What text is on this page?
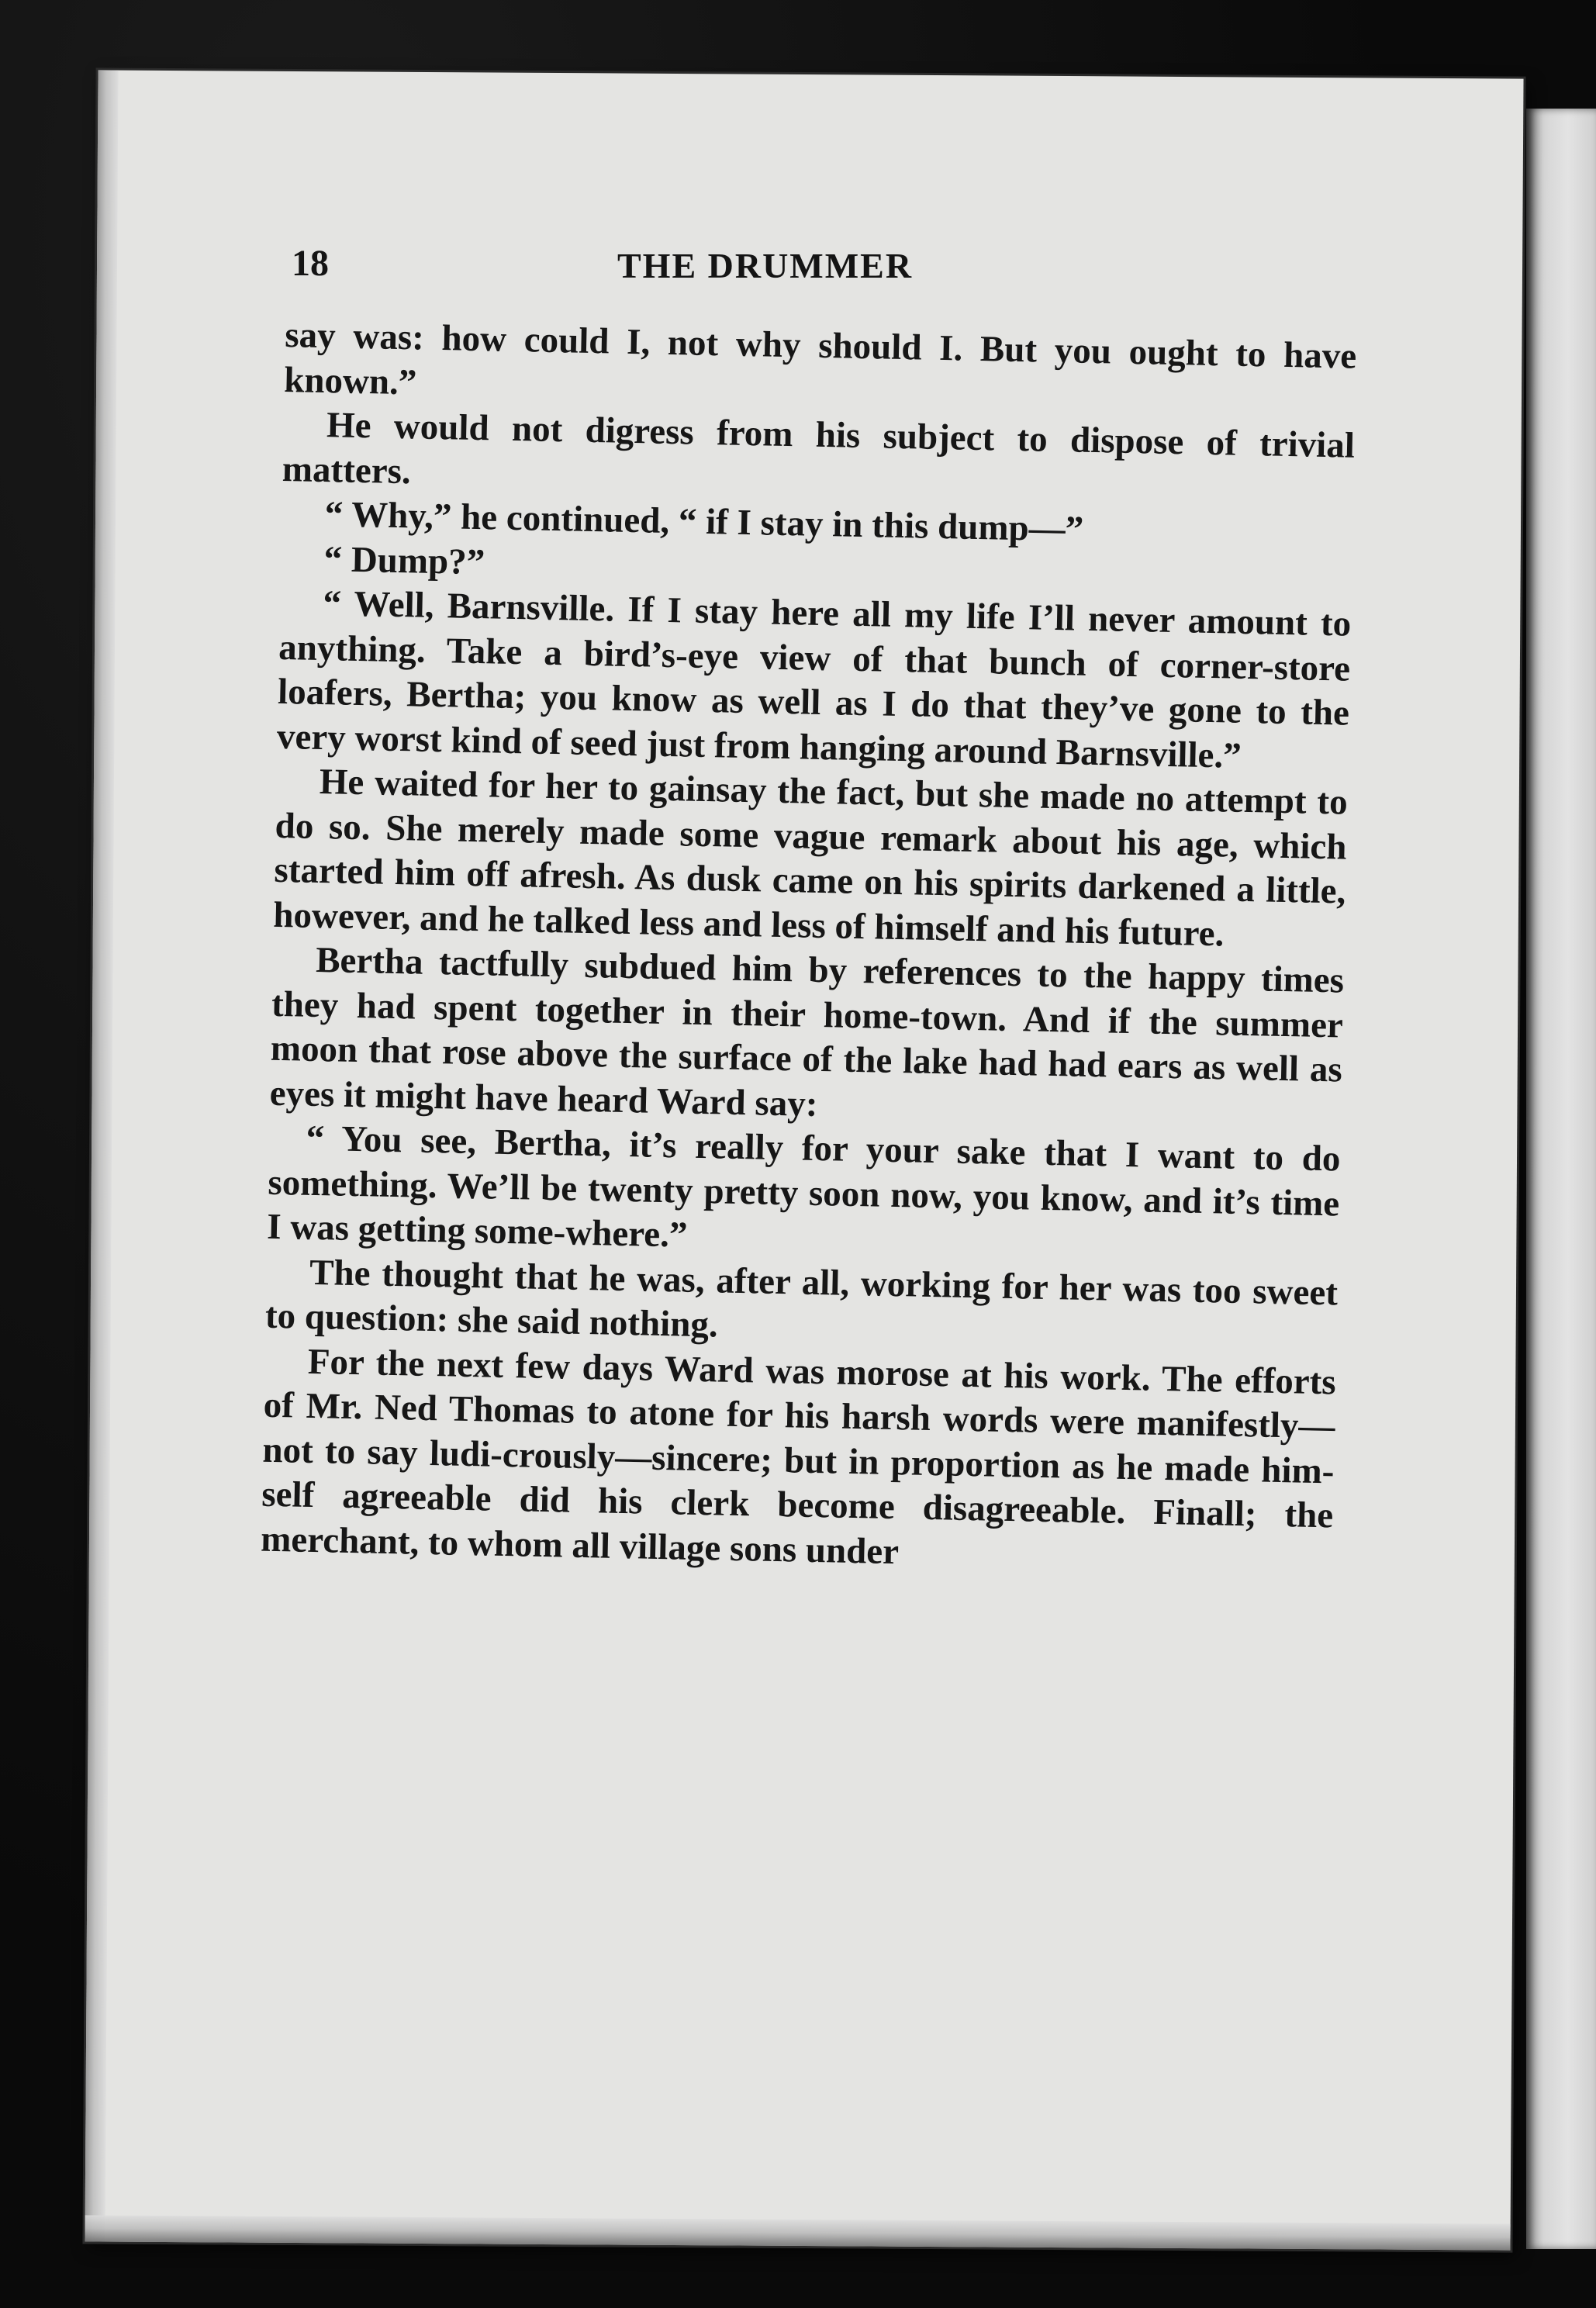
18	THE DRUMMER

say was: how could I, not why should I. But you ought to have known.”

He would not digress from his subject to dispose of trivial matters.

“ Why,” he continued, “ if I stay in this dump—”

“ Dump?”

“ Well, Barnsville. If I stay here all my life I’ll never amount to anything. Take a bird’s-eye view of that bunch of corner-store loafers, Bertha; you know as well as I do that they’ve gone to the very worst kind of seed just from hanging around Barnsville.”

He waited for her to gainsay the fact, but she made no attempt to do so. She merely made some vague remark about his age, which started him off afresh. As dusk came on his spirits darkened a little, however, and he talked less and less of himself and his future.

Bertha tactfully subdued him by references to the happy times they had spent together in their home-town. And if the summer moon that rose above the surface of the lake had had ears as well as eyes it might have heard Ward say:

“ You see, Bertha, it’s really for your sake that I want to do something. We’ll be twenty pretty soon now, you know, and it’s time I was getting some-where.”

The thought that he was, after all, working for her was too sweet to question: she said nothing.

For the next few days Ward was morose at his work. The efforts of Mr. Ned Thomas to atone for his harsh words were manifestly—not to say ludi-crously—sincere; but in proportion as he made him-self agreeable did his clerk become disagreeable. Finall; the merchant, to whom all village sons under
